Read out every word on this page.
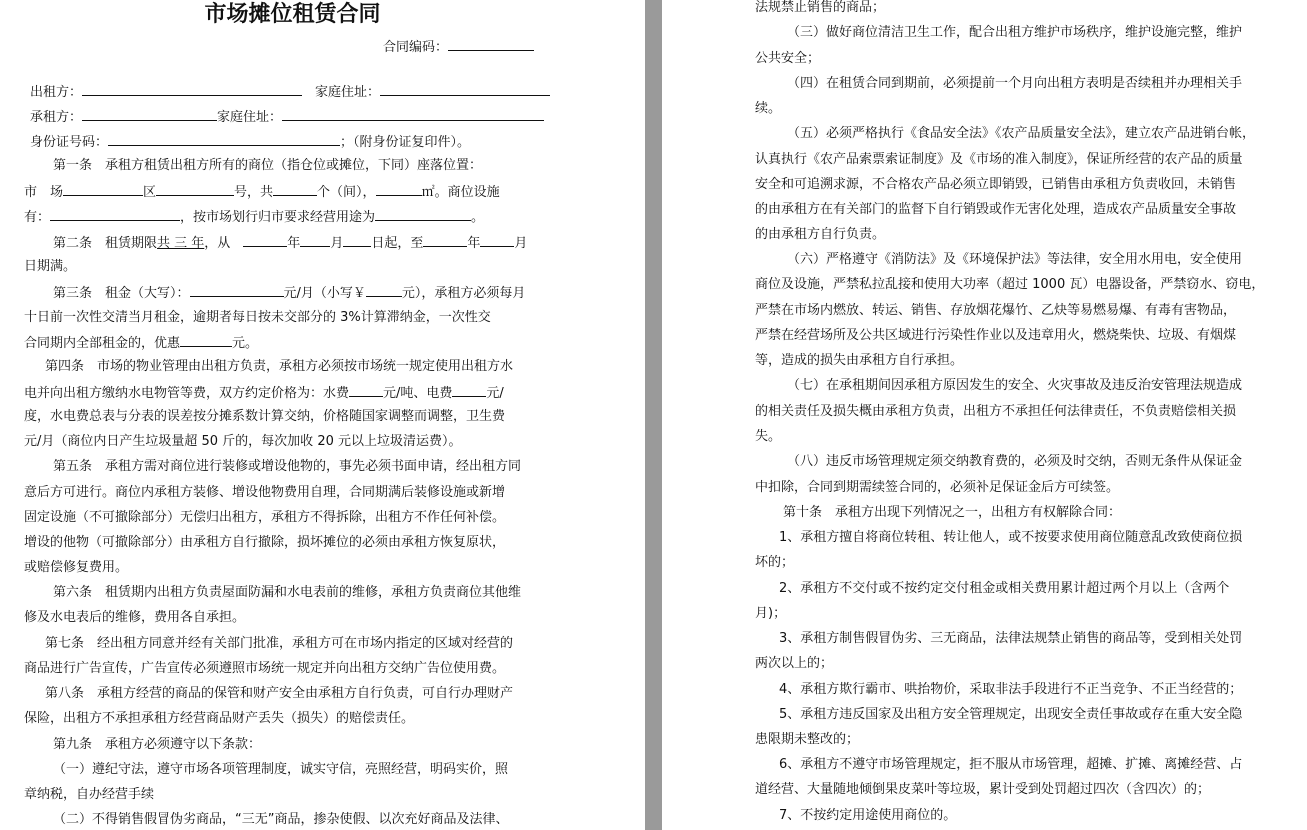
市场摊位租赁合同
合同编码：
出租方：	　家庭住址：
承租方：	家庭住址：
身份证号码：	；（附身份证复印件）。
第一条　承租方租赁出租方所有的商位（指仓位或摊位，下同）座落位置：
市　场	区	号，共	个（间），	㎡。商位设施
有：	，按市场划行归市要求经营用途为	。
第二条　租赁期限共 三 年，从　	年 月 日起，至	年	月
日期满。
第三条　租金（大写）：	元/月（小写￥	元），承租方必须每月
十日前一次性交清当月租金，逾期者每日按未交部分的 3%计算滞纳金，一次性交
合同期内全部租金的，优惠	元。
第四条　市场的物业管理由出租方负责，承租方必须按市场统一规定使用出租方水
电并向出租方缴纳水电物管等费，双方约定价格为：水费	元/吨、电费	元/
度，水电费总表与分表的误差按分摊系数计算交纳，价格随国家调整而调整，卫生费
元/月（商位内日产生垃圾量超 50 斤的，每次加收 20 元以上垃圾清运费）。
第五条　承租方需对商位进行装修或增设他物的，事先必须书面申请，经出租方同
意后方可进行。商位内承租方装修、增设他物费用自理，合同期满后装修设施或新增
固定设施（不可撤除部分）无偿归出租方，承租方不得拆除，出租方不作任何补偿。
增设的他物（可撤除部分）由承租方自行撤除，损坏摊位的必须由承租方恢复原状，
或赔偿修复费用。
第六条　租赁期内出租方负责屋面防漏和水电表前的维修，承租方负责商位其他维
修及水电表后的维修，费用各自承担。
第七条　经出租方同意并经有关部门批准，承租方可在市场内指定的区域对经营的
商品进行广告宣传，广告宣传必须遵照市场统一规定并向出租方交纳广告位使用费。
第八条　承租方经营的商品的保管和财产安全由承租方自行负责，可自行办理财产
保险，出租方不承担承租方经营商品财产丢失（损失）的赔偿责任。
第九条　承租方必须遵守以下条款：
（一）遵纪守法，遵守市场各项管理制度，诚实守信，亮照经营，明码实价，照
章纳税，自办经营手续
（二）不得销售假冒伪劣商品，“三无”商品，掺杂使假、以次充好商品及法律、
法规禁止销售的商品；
（三）做好商位清洁卫生工作，配合出租方维护市场秩序，维护设施完整，维护
公共安全；
（四）在租赁合同到期前，必须提前一个月向出租方表明是否续租并办理相关手
续。
（五）必须严格执行《食品安全法》《农产品质量安全法》，建立农产品进销台帐，
认真执行《农产品索票索证制度》及《市场的准入制度》，保证所经营的农产品的质量
安全和可追溯求源，不合格农产品必须立即销毁，已销售由承租方负责收回，未销售
的由承租方在有关部门的监督下自行销毁或作无害化处理，造成农产品质量安全事故
的由承租方自行负责。
（六）严格遵守《消防法》及《环境保护法》等法律，安全用水用电，安全使用
商位及设施，严禁私拉乱接和使用大功率（超过 1000 瓦）电器设备，严禁窃水、窃电，
严禁在市场内燃放、转运、销售、存放烟花爆竹、乙炔等易燃易爆、有毒有害物品，
严禁在经营场所及公共区域进行污染性作业以及违章用火，燃烧柴快、垃圾、有烟煤
等，造成的损失由承租方自行承担。
（七）在承租期间因承租方原因发生的安全、火灾事故及违反治安管理法规造成
的相关责任及损失概由承租方负责，出租方不承担任何法律责任，不负责赔偿相关损
失。
（八）违反市场管理规定须交纳教育费的，必须及时交纳，否则无条件从保证金
中扣除，合同到期需续签合同的，必须补足保证金后方可续签。
第十条　承租方出现下列情况之一，出租方有权解除合同：
1、承租方擅自将商位转租、转让他人，或不按要求使用商位随意乱改致使商位损
坏的；
2、承租方不交付或不按约定交付租金或相关费用累计超过两个月以上（含两个
月)；
3、承租方制售假冒伪劣、三无商品，法律法规禁止销售的商品等，受到相关处罚
两次以上的；
4、承租方欺行霸市、哄抬物价，采取非法手段进行不正当竞争、不正当经营的；
5、承租方违反国家及出租方安全管理规定，出现安全责任事故或存在重大安全隐
患限期未整改的；
6、承租方不遵守市场管理规定，拒不服从市场管理，超摊、扩摊、离摊经营、占
道经营、大量随地倾倒果皮菜叶等垃圾，累计受到处罚超过四次（含四次）的；
7、不按约定用途使用商位的。
